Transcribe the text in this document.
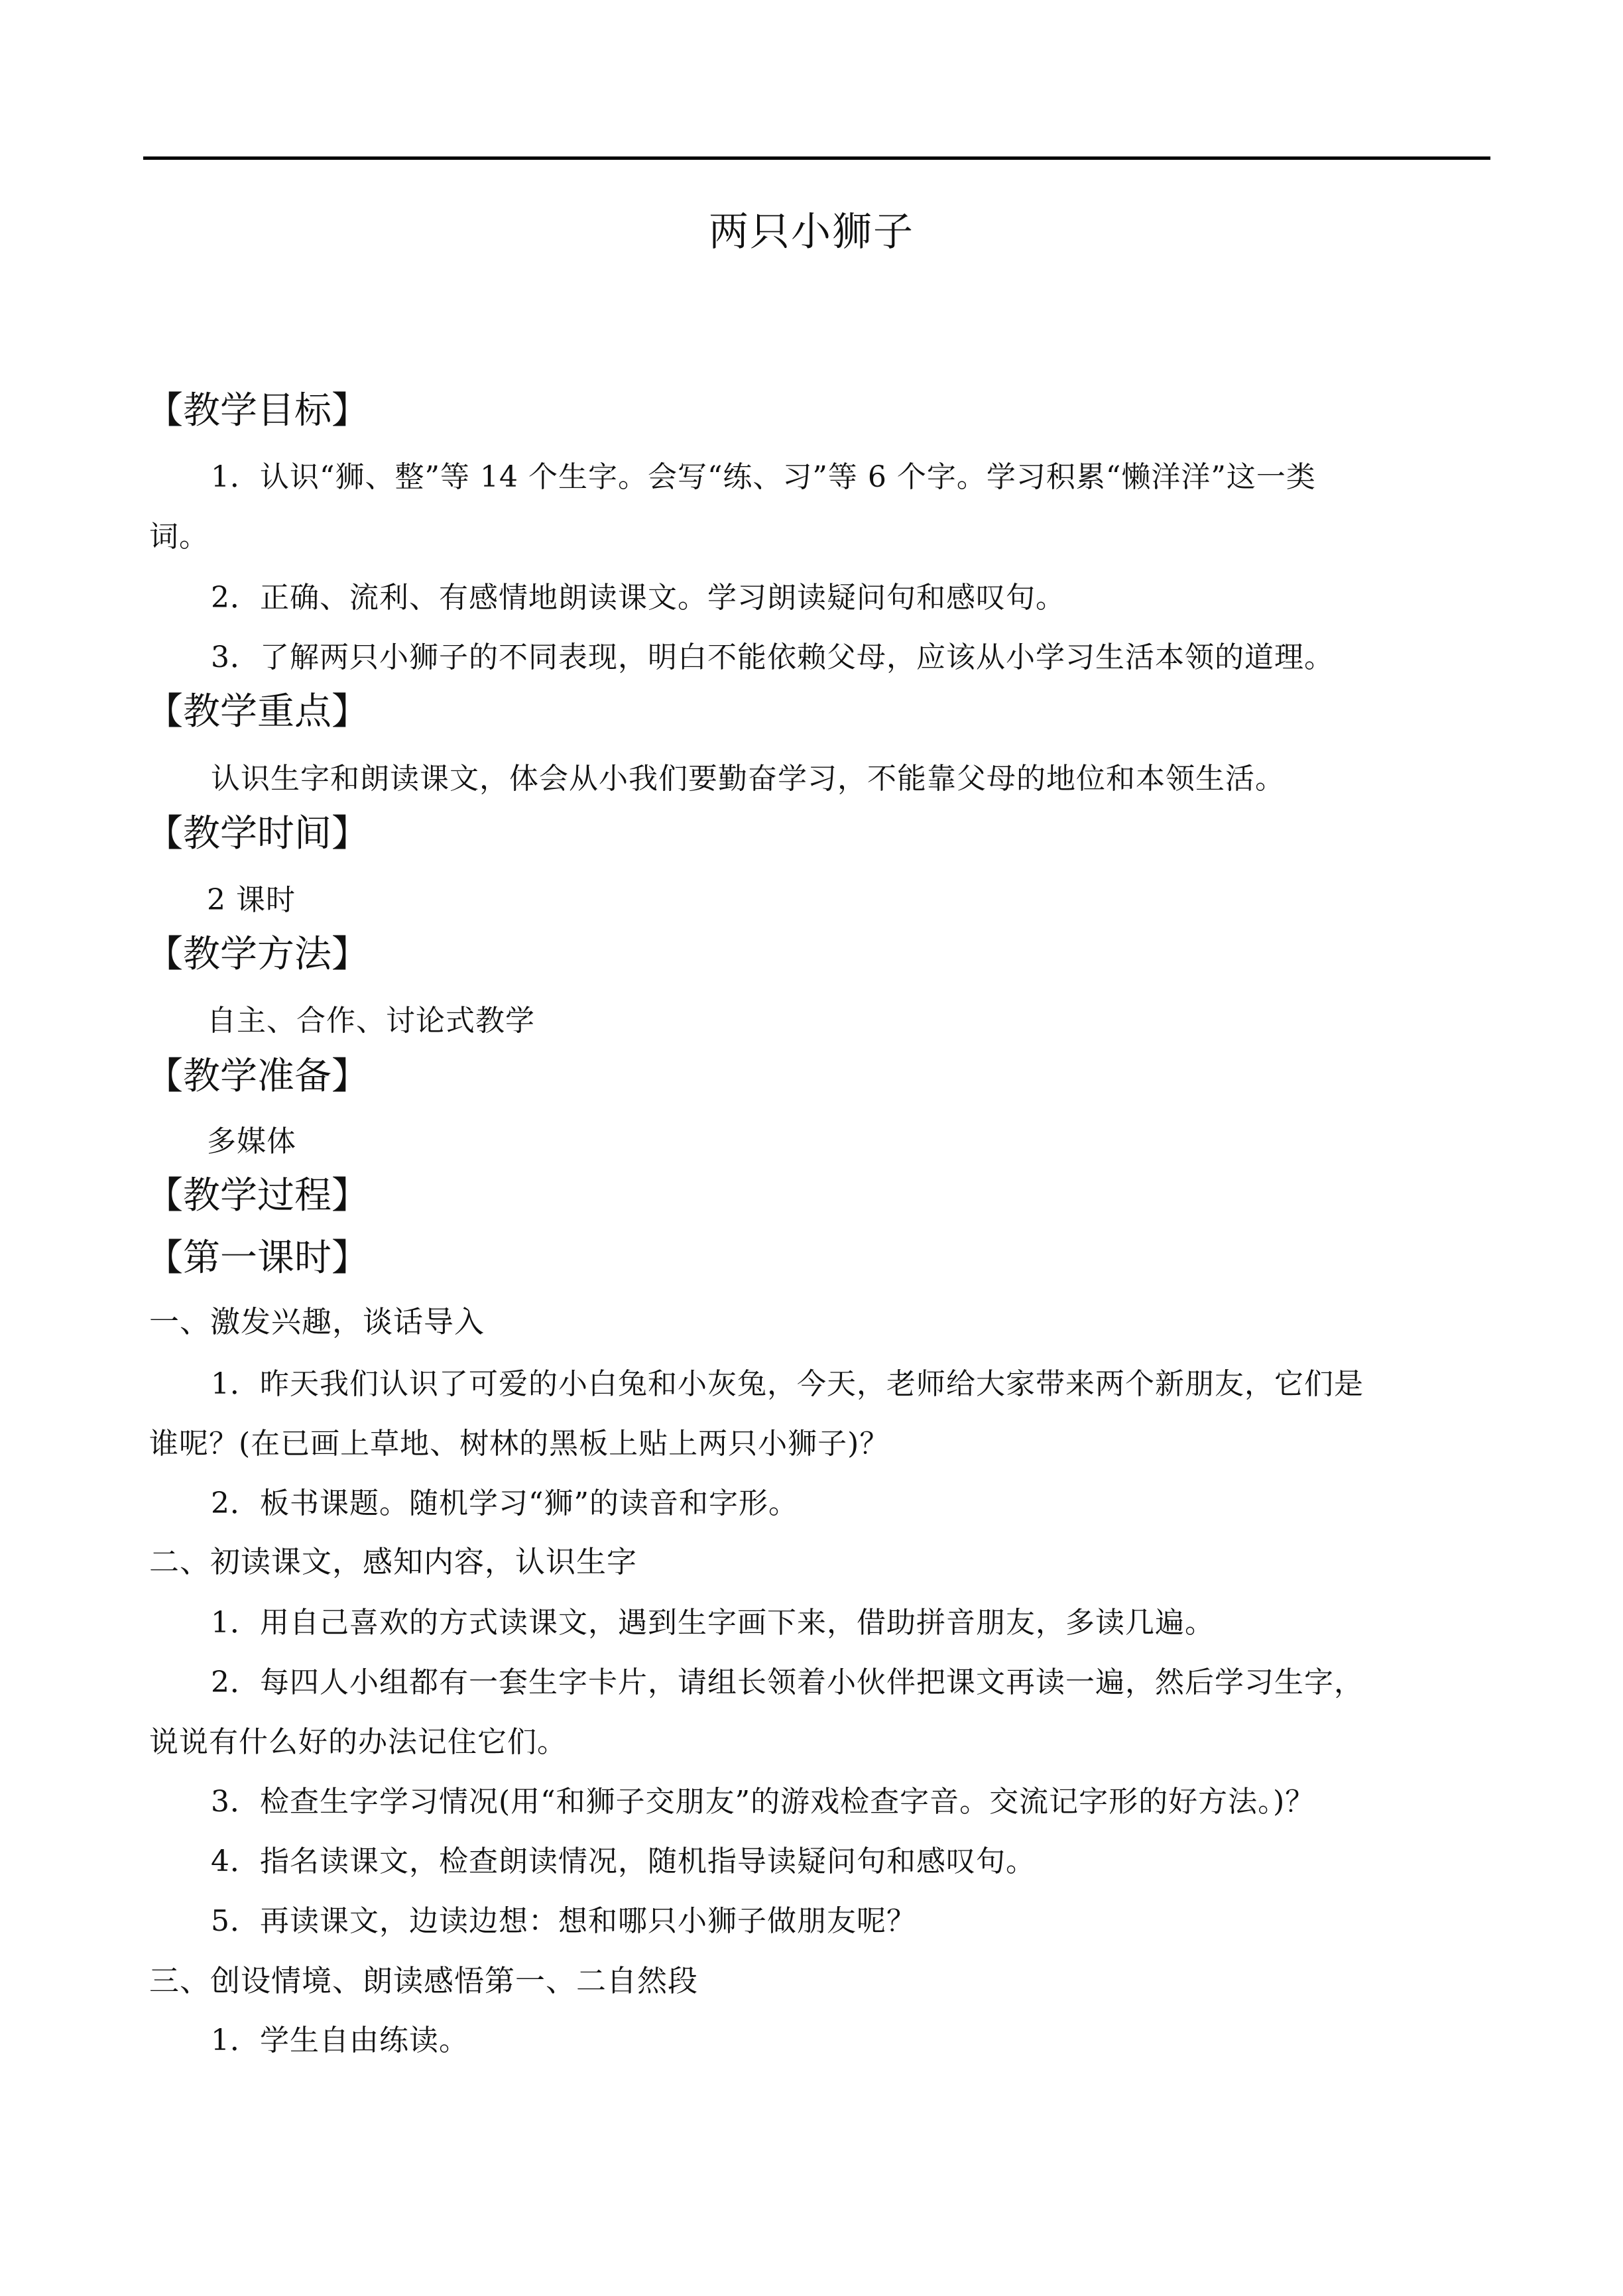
两只小狮子
【教学目标】
1．认识“狮、整”等 14 个生字。会写“练、习”等 6 个字。学习积累“懒洋洋”这一类
词。
2．正确、流利、有感情地朗读课文。学习朗读疑问句和感叹句。
3．了解两只小狮子的不同表现，明白不能依赖父母，应该从小学习生活本领的道理。
【教学重点】
认识生字和朗读课文，体会从小我们要勤奋学习，不能靠父母的地位和本领生活。
【教学时间】
2 课时
【教学方法】
自主、合作、讨论式教学
【教学准备】
多媒体
【教学过程】
【第一课时】
一、激发兴趣，谈话导入
1．昨天我们认识了可爱的小白兔和小灰兔，今天，老师给大家带来两个新朋友，它们是
谁呢？(在已画上草地、树林的黑板上贴上两只小狮子)？
2．板书课题。随机学习“狮”的读音和字形。
二、初读课文，感知内容，认识生字
1．用自己喜欢的方式读课文，遇到生字画下来，借助拼音朋友，多读几遍。
2．每四人小组都有一套生字卡片，请组长领着小伙伴把课文再读一遍，然后学习生字，
说说有什么好的办法记住它们。
3．检查生字学习情况(用“和狮子交朋友”的游戏检查字音。交流记字形的好方法。)？
4．指名读课文，检查朗读情况，随机指导读疑问句和感叹句。
5．再读课文，边读边想：想和哪只小狮子做朋友呢？
三、创设情境、朗读感悟第一、二自然段
1．学生自由练读。
